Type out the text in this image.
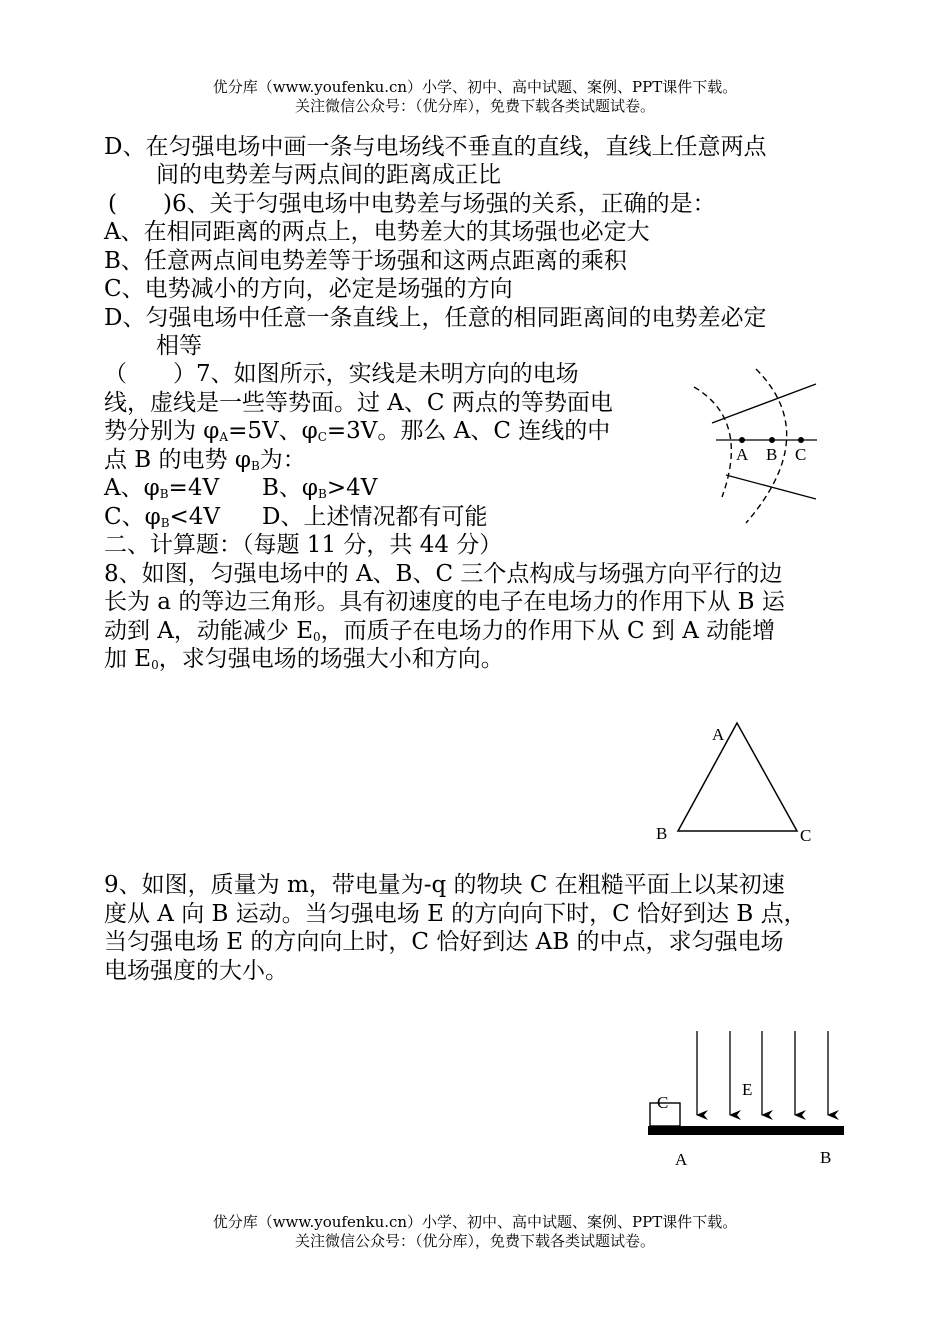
优分库（www.youfenku.cn）小学、初中、高中试题、案例、PPT课件下载。
关注微信公众号：（优分库），免费下载各类试题试卷。
D、在匀强电场中画一条与电场线不垂直的直线，直线上任意两点
间的电势差与两点间的距离成正比
(　　)6、关于匀强电场中电势差与场强的关系，正确的是：
A、在相同距离的两点上，电势差大的其场强也必定大
B、任意两点间电势差等于场强和这两点距离的乘积
C、电势减小的方向，必定是场强的方向
D、匀强电场中任意一条直线上，任意的相同距离间的电势差必定
相等
（　　）7、如图所示，实线是未明方向的电场
线，虚线是一些等势面。过 A、C 两点的等势面电
势分别为 $\varphi_A=5V$、$\varphi_C=3V$。那么 A、C 连线的中
点 B 的电势 $\varphi_B$为：
A、$\varphi_B=4V$ B、$\varphi_B>4V$
C、$\varphi_B<4V$ D、上述情况都有可能
A B C
二、计算题：（每题 11 分，共 44 分）
8、如图，匀强电场中的 A、B、C 三个点构成与场强方向平行的边
长为 a 的等边三角形。具有初速度的电子在电场力的作用下从 B 运
动到 A，动能减少 $E_0$，而质子在电场力的作用下从 C 到 A 动能增
加 $E_0$，求匀强电场的场强大小和方向。
A
B	C
9、如图，质量为 m，带电量为-q 的物块 C 在粗糙平面上以某初速
度从 A 向 B 运动。当匀强电场 E 的方向向下时，C 恰好到达 B 点，
当匀强电场 E 的方向向上时，C 恰好到达 AB 的中点，求匀强电场
电场强度的大小。
C
E
A	B
优分库（www.youfenku.cn）小学、初中、高中试题、案例、PPT课件下载。
关注微信公众号：（优分库），免费下载各类试题试卷。
